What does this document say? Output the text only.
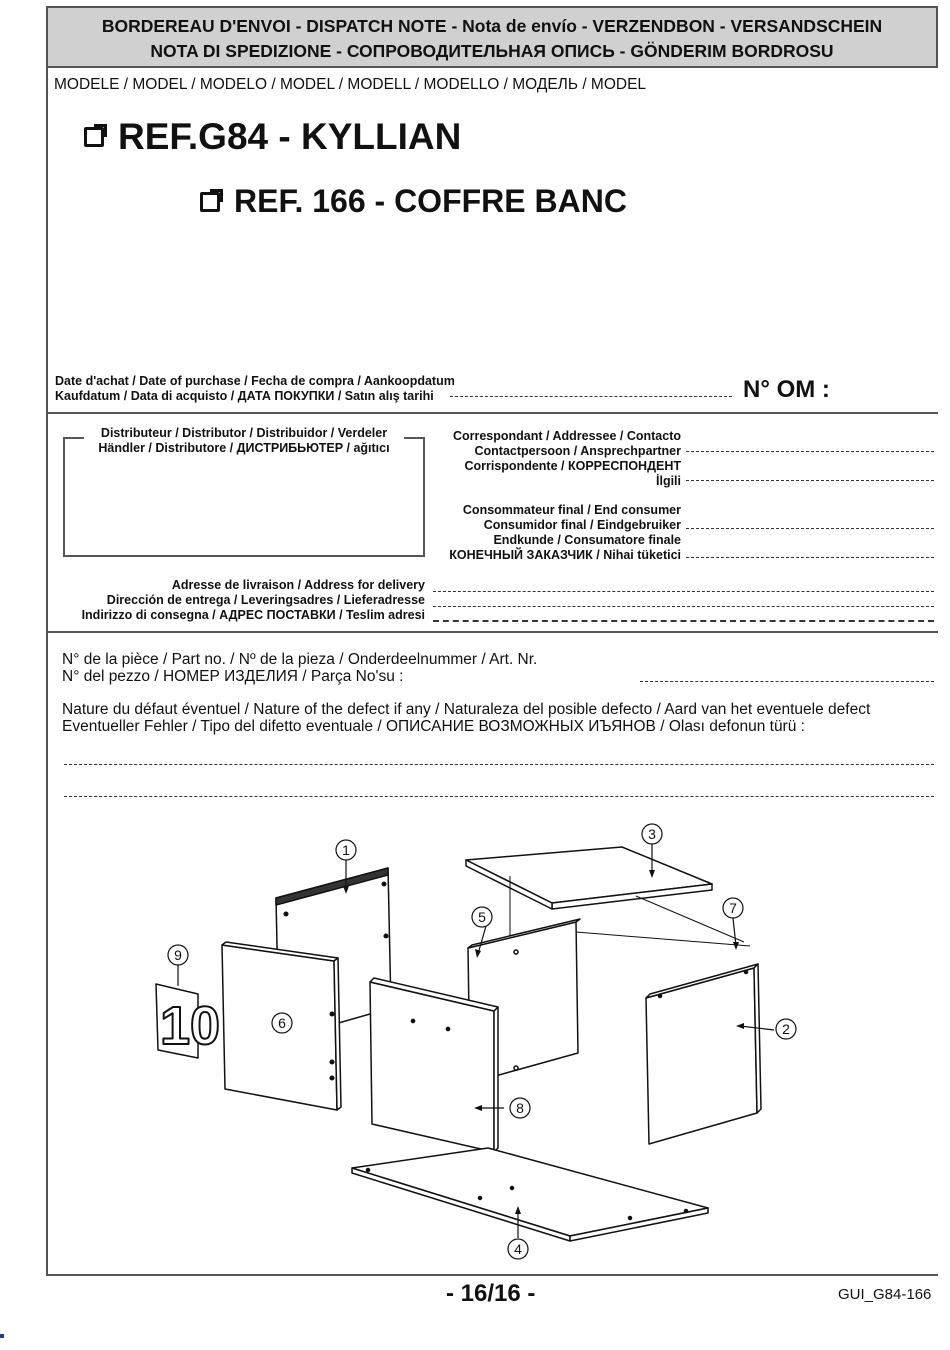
BORDEREAU D'ENVOI - DISPATCH NOTE - Nota de envío - VERZENDBON - VERSANDSCHEIN
NOTA DI SPEDIZIONE - СОПРОВОДИТЕЛЬНАЯ ОПИСЬ - GÖNDERIM BORDROSU
MODELE / MODEL / MODELO / MODEL / MODELL / MODELLO / МОДЕЛЬ / MODEL
REF.G84 - KYLLIAN
REF. 166 - COFFRE BANC
Date d'achat / Date of purchase / Fecha de compra / Aankoopdatum
Kaufdatum / Data di acquisto / ДАТА ПОКУПКИ / Satın alış tarihi	N° OM :
Distributeur / Distributor / Distribuidor / Verdeler
Händler / Distributore / ДИСТРИБЬЮТЕР / ağıtıcı
Correspondant / Addressee / Contacto
Contactpersoon / Ansprechpartner
Corrispondente / КОРРЕСПОНДЕНТ
İlgili
Consommateur final / End consumer
Consumidor final / Eindgebruiker
Endkunde / Consumatore finale
КОНЕЧНЫЙ ЗАКАЗЧИК / Nihai tüketici
Adresse de livraison / Address for delivery
Dirección de entrega / Leveringsadres / Lieferadresse
Indirizzo di consegna / АДРЕС ПОСТАВКИ / Teslim adresi
N° de la pièce / Part no. / Nº de la pieza / Onderdeelnummer / Art. Nr.
N° del pezzo / НОМЕР ИЗДЕЛИЯ / Parça No'su :
Nature du défaut éventuel / Nature of the defect if any / Naturaleza del posible defecto / Aard van het eventuele defect
Eventueller Fehler / Tipo del difetto eventuale / ОПИСАНИЕ ВОЗМОЖНЫХ ИЪЯНОВ / Olası defonun türü :
10
1
2
3
4
5
6
7
8
9
- 16/16 -	GUI_G84-166
